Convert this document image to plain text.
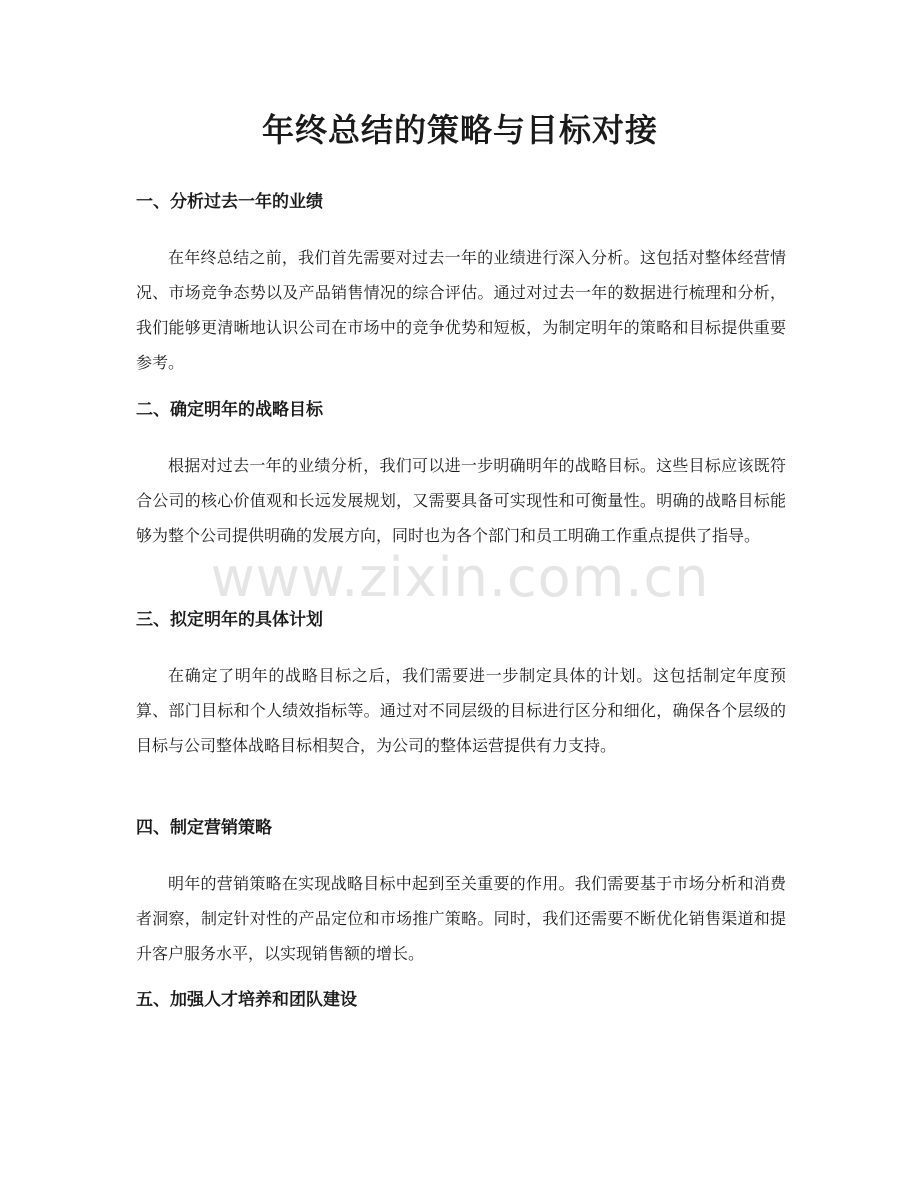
年终总结的策略与目标对接
一、分析过去一年的业绩

在年终总结之前，我们首先需要对过去一年的业绩进行深入分析。这包括对整体经营情况、市场竞争态势以及产品销售情况的综合评估。通过对过去一年的数据进行梳理和分析，我们能够更清晰地认识公司在市场中的竞争优势和短板，为制定明年的策略和目标提供重要参考。

二、确定明年的战略目标

根据对过去一年的业绩分析，我们可以进一步明确明年的战略目标。这些目标应该既符合公司的核心价值观和长远发展规划，又需要具备可实现性和可衡量性。明确的战略目标能够为整个公司提供明确的发展方向，同时也为各个部门和员工明确工作重点提供了指导。

三、拟定明年的具体计划

在确定了明年的战略目标之后，我们需要进一步制定具体的计划。这包括制定年度预算、部门目标和个人绩效指标等。通过对不同层级的目标进行区分和细化，确保各个层级的目标与公司整体战略目标相契合，为公司的整体运营提供有力支持。

四、制定营销策略

明年的营销策略在实现战略目标中起到至关重要的作用。我们需要基于市场分析和消费者洞察，制定针对性的产品定位和市场推广策略。同时，我们还需要不断优化销售渠道和提升客户服务水平，以实现销售额的增长。

五、加强人才培养和团队建设
www.zixin.com.cn
